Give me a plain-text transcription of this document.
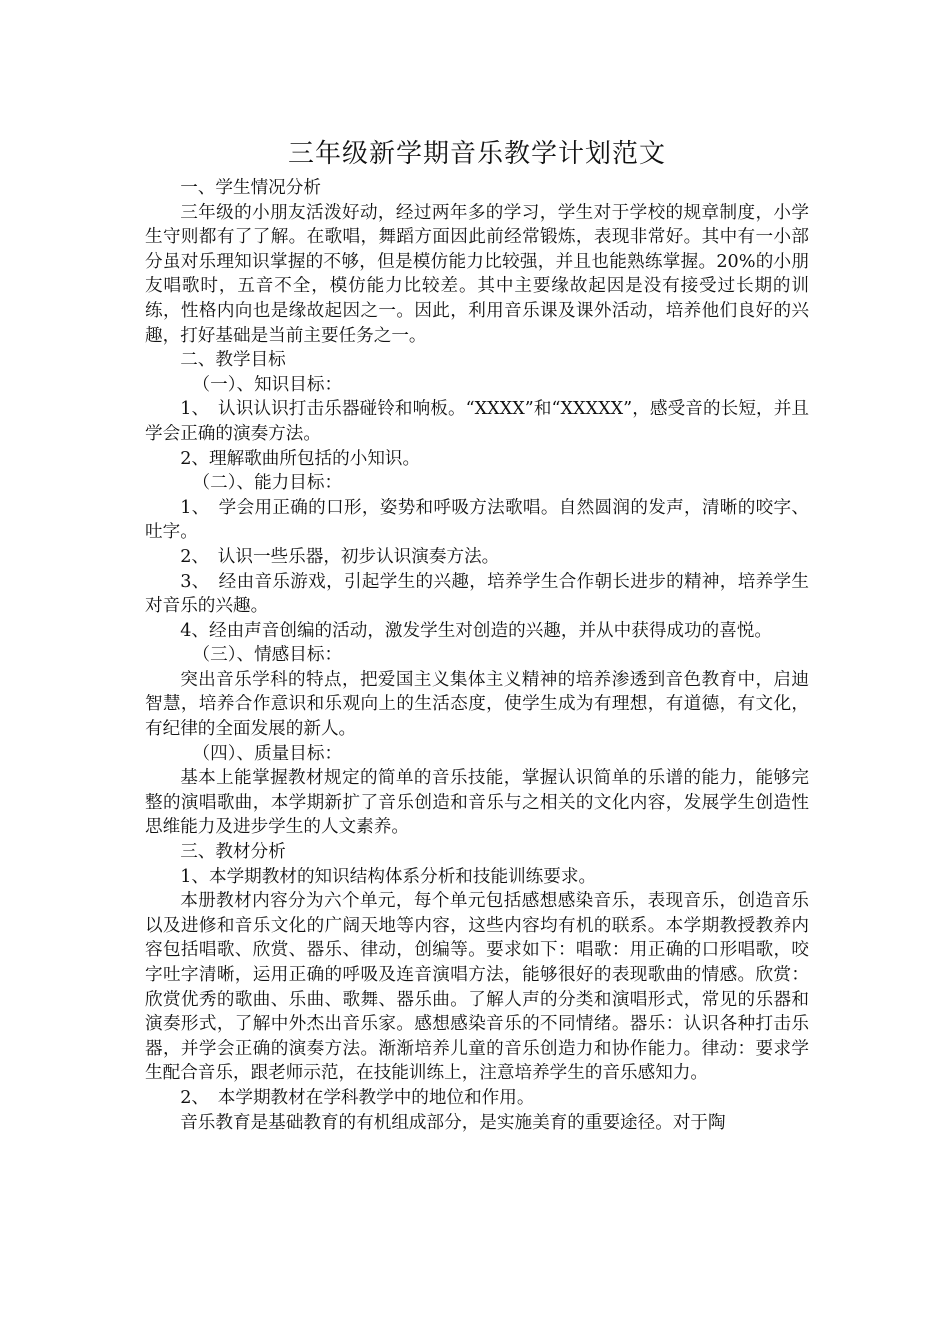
三年级新学期音乐教学计划范文

一、学生情况分析

三年级的小朋友活泼好动，经过两年多的学习，学生对于学校的规章制度，小学生守则都有了了解。在歌唱，舞蹈方面因此前经常锻炼，表现非常好。其中有一小部分虽对乐理知识掌握的不够，但是模仿能力比较强，并且也能熟练掌握。20%的小朋友唱歌时，五音不全，模仿能力比较差。其中主要缘故起因是没有接受过长期的训练，性格内向也是缘故起因之一。因此，利用音乐课及课外活动，培养他们良好的兴趣，打好基础是当前主要任务之一。

二、教学目标

（一）、知识目标：

1、　认识认识打击乐器碰铃和响板。“XXXX”和“XXXXX”，感受音的长短，并且学会正确的演奏方法。

2、理解歌曲所包括的小知识。

（二）、能力目标：

1、　学会用正确的口形，姿势和呼吸方法歌唱。自然圆润的发声，清晰的咬字、吐字。

2、　认识一些乐器，初步认识演奏方法。

3、　经由音乐游戏，引起学生的兴趣，培养学生合作朝长进步的精神，培养学生对音乐的兴趣。

4、经由声音创编的活动，激发学生对创造的兴趣，并从中获得成功的喜悦。

（三）、情感目标：

突出音乐学科的特点，把爱国主义集体主义精神的培养渗透到音色教育中，启迪智慧，培养合作意识和乐观向上的生活态度，使学生成为有理想，有道德，有文化，有纪律的全面发展的新人。

（四）、质量目标：

基本上能掌握教材规定的简单的音乐技能，掌握认识简单的乐谱的能力，能够完整的演唱歌曲，本学期新扩了音乐创造和音乐与之相关的文化内容，发展学生创造性思维能力及进步学生的人文素养。

三、教材分析

1、本学期教材的知识结构体系分析和技能训练要求。

本册教材内容分为六个单元，每个单元包括感想感染音乐，表现音乐，创造音乐以及进修和音乐文化的广阔天地等内容，这些内容均有机的联系。本学期教授教养内容包括唱歌、欣赏、器乐、律动，创编等。要求如下：唱歌：用正确的口形唱歌，咬字吐字清晰，运用正确的呼吸及连音演唱方法，能够很好的表现歌曲的情感。欣赏：欣赏优秀的歌曲、乐曲、歌舞、器乐曲。了解人声的分类和演唱形式，常见的乐器和演奏形式，了解中外杰出音乐家。感想感染音乐的不同情绪。器乐：认识各种打击乐器，并学会正确的演奏方法。渐渐培养儿童的音乐创造力和协作能力。律动：要求学生配合音乐，跟老师示范，在技能训练上，注意培养学生的音乐感知力。

2、　本学期教材在学科教学中的地位和作用。

音乐教育是基础教育的有机组成部分，是实施美育的重要途径。对于陶
